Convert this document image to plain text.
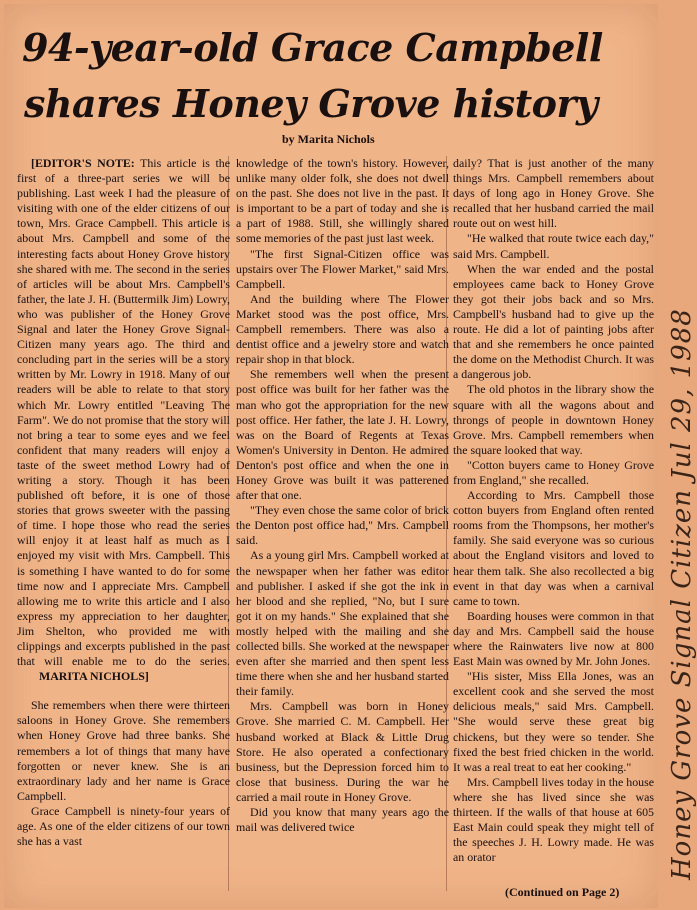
94-year-old Grace Campbell
shares Honey Grove history
by Marita Nichols

[EDITOR'S NOTE: This article is the first of a three-part series we will be publishing. Last week I had the pleasure of visiting with one of the elder citizens of our town, Mrs. Grace Campbell. This article is about Mrs. Campbell and some of the interesting facts about Honey Grove history she shared with me. The second in the series of articles will be about Mrs. Campbell's father, the late J. H. (Buttermilk Jim) Lowry, who was publisher of the Honey Grove Signal and later the Honey Grove Signal-Citizen many years ago. The third and concluding part in the series will be a story written by Mr. Lowry in 1918. Many of our readers will be able to relate to that story which Mr. Lowry entitled "Leaving The Farm". We do not promise that the story will not bring a tear to some eyes and we feel confident that many readers will enjoy a taste of the sweet method Lowry had of writing a story. Though it has been published oft before, it is one of those stories that grows sweeter with the passing of time. I hope those who read the series will enjoy it at least half as much as I enjoyed my visit with Mrs. Campbell. This is something I have wanted to do for some time now and I appreciate Mrs. Campbell allowing me to write this article and I also express my appreciation to her daughter, Jim Shelton, who provided me with clippings and excerpts published in the past that will enable me to do the series. MARITA NICHOLS]

She remembers when there were thirteen saloons in Honey Grove. She remembers when Honey Grove had three banks. She remembers a lot of things that many have forgotten or never knew. She is an extraordinary lady and her name is Grace Campbell.

Grace Campbell is ninety-four years of age. As one of the elder citizens of our town she has a vast

knowledge of the town's history. However, unlike many older folk, she does not dwell on the past. She does not live in the past. It is important to be a part of today and she is a part of 1988. Still, she willingly shared some memories of the past just last week.

"The first Signal-Citizen office was upstairs over The Flower Market," said Mrs. Campbell.

And the building where The Flower Market stood was the post office, Mrs. Campbell remembers. There was also a dentist office and a jewelry store and watch repair shop in that block.

She remembers well when the present post office was built for her father was the man who got the appropriation for the new post office. Her father, the late J. H. Lowry, was on the Board of Regents at Texas Women's University in Denton. He admired Denton's post office and when the one in Honey Grove was built it was patterened after that one.

"They even chose the same color of brick the Denton post office had," Mrs. Campbell said.

As a young girl Mrs. Campbell worked at the newspaper when her father was editor and publisher. I asked if she got the ink in her blood and she replied, "No, but I sure got it on my hands." She explained that she mostly helped with the mailing and she collected bills. She worked at the newspaper even after she married and then spent less time there when she and her husband started their family.

Mrs. Campbell was born in Honey Grove. She married C. M. Campbell. Her husband worked at Black & Little Drug Store. He also operated a confectionary business, but the Depression forced him to close that business. During the war he carried a mail route in Honey Grove.

Did you know that many years ago the mail was delivered twice

daily? That is just another of the many things Mrs. Campbell remembers about days of long ago in Honey Grove. She recalled that her husband carried the mail route out on west hill.

"He walked that route twice each day," said Mrs. Campbell.

When the war ended and the postal employees came back to Honey Grove they got their jobs back and so Mrs. Campbell's husband had to give up the route. He did a lot of painting jobs after that and she remembers he once painted the dome on the Methodist Church. It was a dangerous job.

The old photos in the library show the square with all the wagons about and throngs of people in downtown Honey Grove. Mrs. Campbell remembers when the square looked that way.

"Cotton buyers came to Honey Grove from England," she recalled.

According to Mrs. Campbell those cotton buyers from England often rented rooms from the Thompsons, her mother's family. She said everyone was so curious about the England visitors and loved to hear them talk. She also recollected a big event in that day was when a carnival came to town.

Boarding houses were common in that day and Mrs. Campbell said the house where the Rainwaters live now at 800 East Main was owned by Mr. John Jones.

"His sister, Miss Ella Jones, was an excellent cook and she served the most delicious meals," said Mrs. Campbell. "She would serve these great big chickens, but they were so tender. She fixed the best fried chicken in the world. It was a real treat to eat her cooking."

Mrs. Campbell lives today in the house where she has lived since she was thirteen. If the walls of that house at 605 East Main could speak they might tell of the speeches J. H. Lowry made. He was an orator

(Continued on Page 2)
Honey Grove Signal Citizen Jul 29, 1988
